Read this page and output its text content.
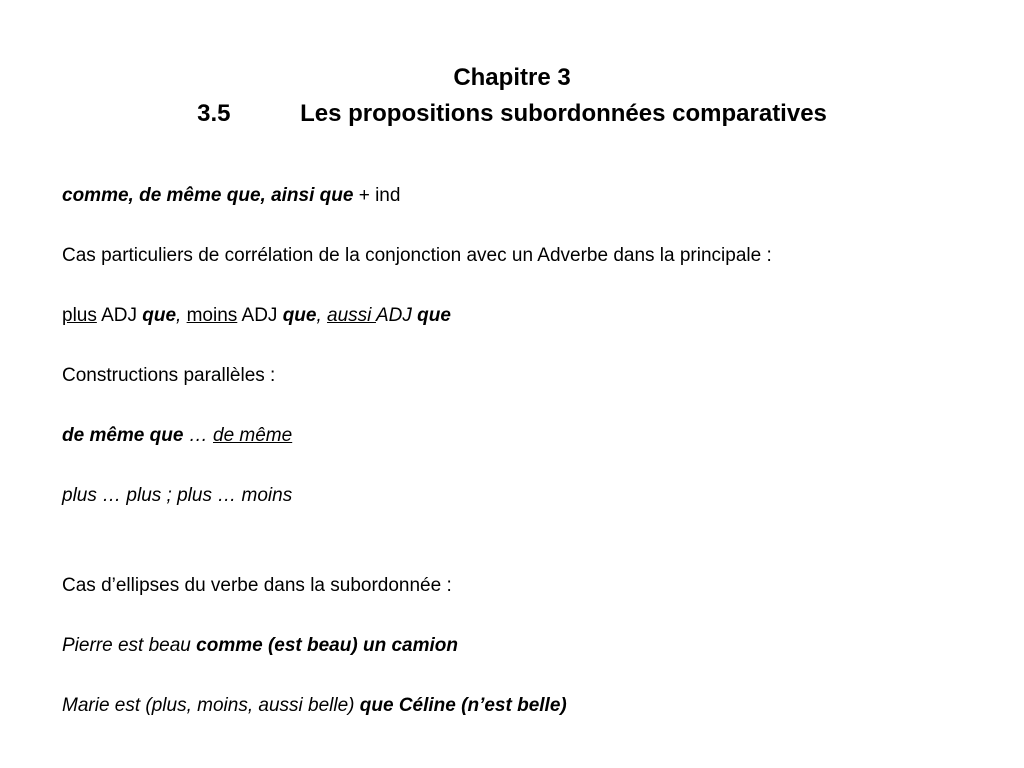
Chapitre 3
3.5	Les propositions subordonnées comparatives
comme, de même que, ainsi que + ind
Cas particuliers de corrélation de la conjonction avec un Adverbe dans la principale :
plus ADJ que, moins ADJ que, aussi ADJ que
Constructions parallèles :
de même que … de même
plus … plus ; plus … moins
Cas d’ellipses du verbe dans la subordonnée :
Pierre est beau comme (est beau) un camion
Marie est (plus, moins, aussi belle) que Céline (n’est belle)
